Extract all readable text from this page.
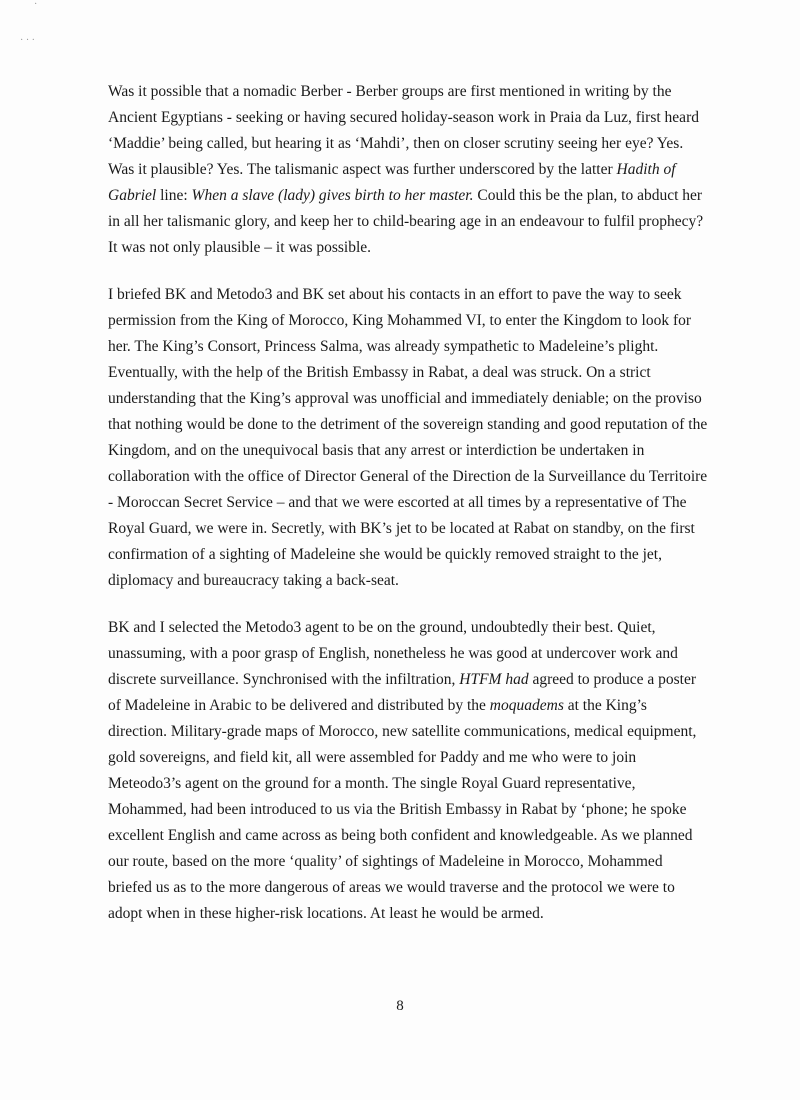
·
· · ·

Was it possible that a nomadic Berber - Berber groups are first mentioned in writing by the Ancient Egyptians - seeking or having secured holiday-season work in Praia da Luz, first heard ‘Maddie’ being called, but hearing it as ‘Mahdi’, then on closer scrutiny seeing her eye? Yes. Was it plausible? Yes. The talismanic aspect was further underscored by the latter Hadith of Gabriel line: When a slave (lady) gives birth to her master. Could this be the plan, to abduct her in all her talismanic glory, and keep her to child-bearing age in an endeavour to fulfil prophecy? It was not only plausible – it was possible.

I briefed BK and Metodo3 and BK set about his contacts in an effort to pave the way to seek permission from the King of Morocco, King Mohammed VI, to enter the Kingdom to look for her. The King’s Consort, Princess Salma, was already sympathetic to Madeleine’s plight. Eventually, with the help of the British Embassy in Rabat, a deal was struck. On a strict understanding that the King’s approval was unofficial and immediately deniable; on the proviso that nothing would be done to the detriment of the sovereign standing and good reputation of the Kingdom, and on the unequivocal basis that any arrest or interdiction be undertaken in collaboration with the office of Director General of the Direction de la Surveillance du Territoire - Moroccan Secret Service – and that we were escorted at all times by a representative of The Royal Guard, we were in. Secretly, with BK’s jet to be located at Rabat on standby, on the first confirmation of a sighting of Madeleine she would be quickly removed straight to the jet, diplomacy and bureaucracy taking a back-seat.

BK and I selected the Metodo3 agent to be on the ground, undoubtedly their best. Quiet, unassuming, with a poor grasp of English, nonetheless he was good at undercover work and discrete surveillance. Synchronised with the infiltration, HTFM had agreed to produce a poster of Madeleine in Arabic to be delivered and distributed by the moquadems at the King’s direction. Military-grade maps of Morocco, new satellite communications, medical equipment, gold sovereigns, and field kit, all were assembled for Paddy and me who were to join Meteodo3’s agent on the ground for a month. The single Royal Guard representative, Mohammed, had been introduced to us via the British Embassy in Rabat by ‘phone; he spoke excellent English and came across as being both confident and knowledgeable. As we planned our route, based on the more ‘quality’ of sightings of Madeleine in Morocco, Mohammed briefed us as to the more dangerous of areas we would traverse and the protocol we were to adopt when in these higher-risk locations. At least he would be armed.

8
